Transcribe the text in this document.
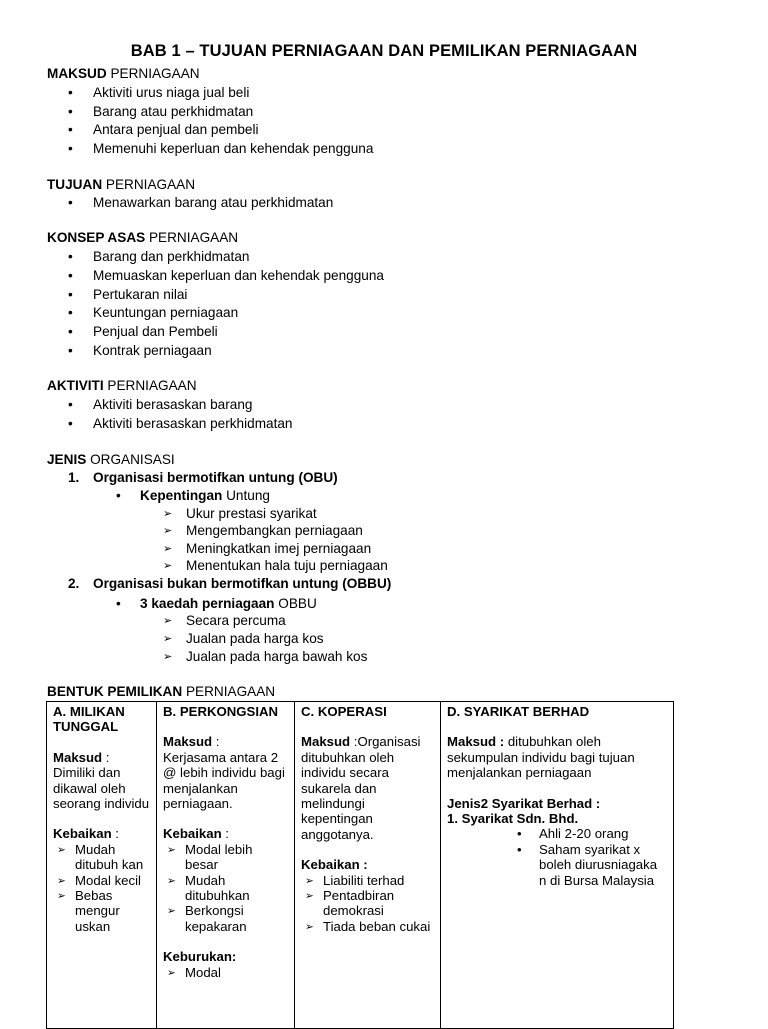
BAB 1 – TUJUAN PERNIAGAAN DAN PEMILIKAN PERNIAGAAN
MAKSUD PERNIAGAAN
• Aktiviti urus niaga jual beli
• Barang atau perkhidmatan
• Antara penjual dan pembeli
• Memenuhi keperluan dan kehendak pengguna
TUJUAN PERNIAGAAN
• Menawarkan barang atau perkhidmatan
KONSEP ASAS PERNIAGAAN
• Barang dan perkhidmatan
• Memuaskan keperluan dan kehendak pengguna
• Pertukaran nilai
• Keuntungan perniagaan
• Penjual dan Pembeli
• Kontrak perniagaan
AKTIVITI PERNIAGAAN
• Aktiviti berasaskan barang
• Aktiviti berasaskan perkhidmatan
JENIS ORGANISASI
1. Organisasi bermotifkan untung (OBU)
• Kepentingan Untung
➢ Ukur prestasi syarikat
➢ Mengembangkan perniagaan
➢ Meningkatkan imej perniagaan
➢ Menentukan hala tuju perniagaan
2. Organisasi bukan bermotifkan untung (OBBU)
• 3 kaedah perniagaan OBBU
➢ Secara percuma
➢ Jualan pada harga kos
➢ Jualan pada harga bawah kos
BENTUK PEMILIKAN PERNIAGAAN
A. MILIKAN TUNGGAL
Maksud :
Dimiliki dan dikawal oleh seorang individu
Kebaikan :
➢ Mudah ditubuh kan
➢ Modal kecil
➢ Bebas mengur uskan

B. PERKONGSIAN
Maksud :
Kerjasama antara 2 @ lebih individu bagi menjalankan perniagaan.
Kebaikan :
➢ Modal lebih besar
➢ Mudah ditubuhkan
➢ Berkongsi kepakaran
Keburukan:
➢ Modal

C. KOPERASI
Maksud :Organisasi ditubuhkan oleh individu secara sukarela dan melindungi kepentingan anggotanya.
Kebaikan :
➢ Liabiliti terhad
➢ Pentadbiran demokrasi
➢ Tiada beban cukai

D. SYARIKAT BERHAD
Maksud : ditubuhkan oleh sekumpulan individu bagi tujuan menjalankan perniagaan
Jenis2 Syarikat Berhad :
1. Syarikat Sdn. Bhd.
•	Ahli 2-20 orang
•	Saham syarikat x boleh diurusniagaka n di Bursa Malaysia
